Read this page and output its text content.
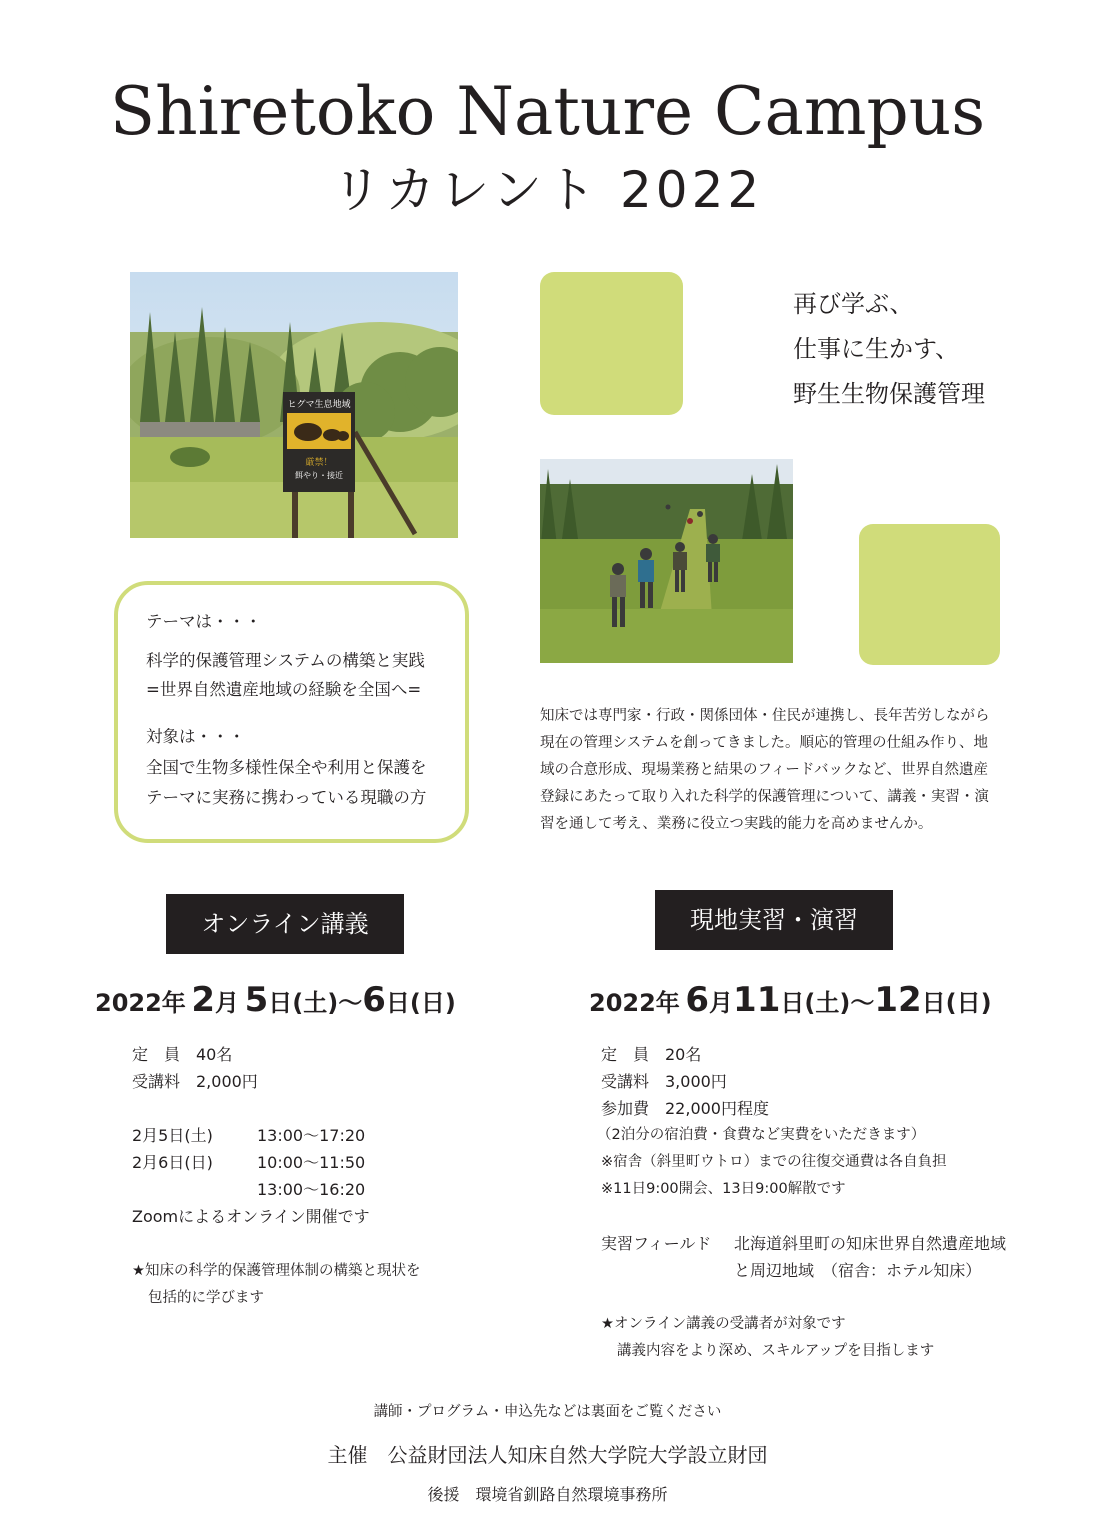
Shiretoko Nature Campus
リカレント 2022
ヒグマ生息地域
厳禁！
餌やり・接近
再び学ぶ、
仕事に生かす、
野生生物保護管理
テーマは・・・
科学的保護管理システムの構築と実践
=世界自然遺産地域の経験を全国へ=
対象は・・・
全国で生物多様性保全や利用と保護を
テーマに実務に携わっている現職の方
知床では専門家・行政・関係団体・住民が連携し、長年苦労しながら
現在の管理システムを創ってきました。順応的管理の仕組み作り、地
域の合意形成、現場業務と結果のフィードバックなど、世界自然遺産
登録にあたって取り入れた科学的保護管理について、講義・実習・演
習を通して考え、業務に役立つ実践的能力を高めませんか。
オンライン講義	現地実習・演習
2022年 2月 5日(土)～6日(日)	2022年 6月11日(土)～12日(日)
定　員　40名
受講料　2,000円
2月5日(土)	13:00～17:20
2月6日(日)	10:00～11:50
13:00～16:20
Zoomによるオンライン開催です
★知床の科学的保護管理体制の構築と現状を
包括的に学びます
定　員　20名
受講料　3,000円
参加費　22,000円程度
（2泊分の宿泊費・食費など実費をいただきます）
※宿舎（斜里町ウトロ）までの往復交通費は各自負担
※11日9:00開会、13日9:00解散です
実習フィールド 北海道斜里町の知床世界自然遺産地域
と周辺地域　（宿舎：ホテル知床）
★オンライン講義の受講者が対象です
講義内容をより深め、スキルアップを目指します
講師・プログラム・申込先などは裏面をご覧ください
主催　公益財団法人知床自然大学院大学設立財団
後援　環境省釧路自然環境事務所
